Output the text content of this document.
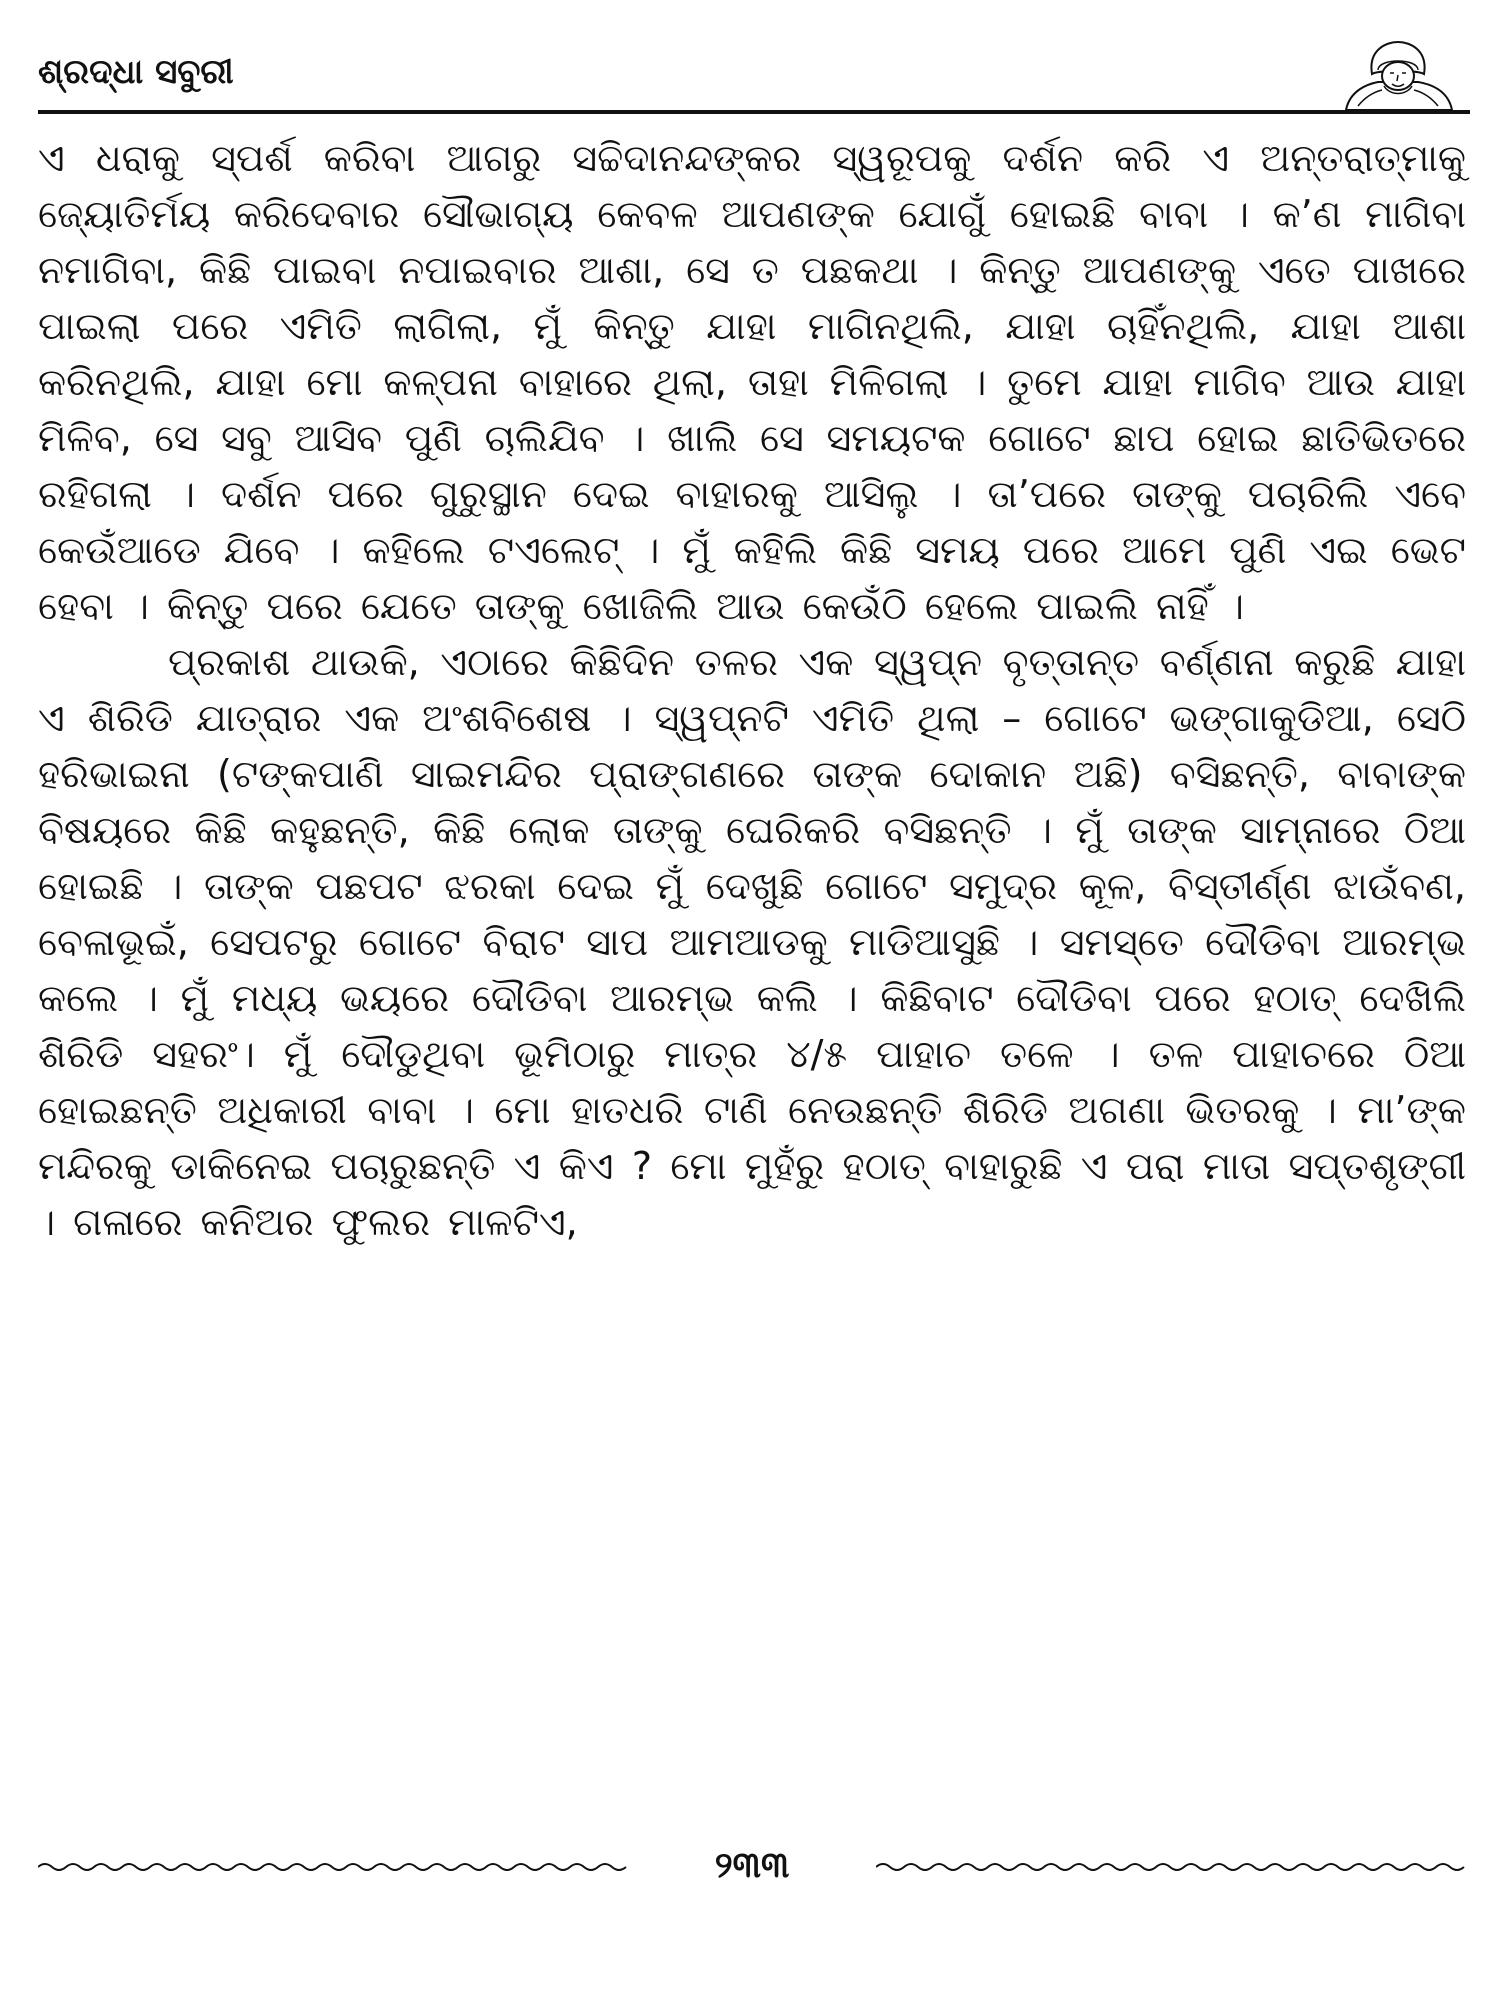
ଶ୍ରଦ୍ଧା ସବୁରୀ

ଏ ଧରାକୁ ସ୍ପର୍ଶ କରିବା ଆଗରୁ ସଚ୍ଚିଦାନନ୍ଦଙ୍କର ସ୍ୱରୂପକୁ ଦର୍ଶନ କରି ଏ ଅନ୍ତରାତ୍ମାକୁ ଜ୍ୟୋତିର୍ମୟ କରିଦେବାର ସୌଭାଗ୍ୟ କେବଳ ଆପଣଙ୍କ ଯୋଗୁଁ ହୋଇଛି ବାବା । କ’ଣ ମାଗିବା ନମାଗିବା, କିଛି ପାଇବା ନପାଇବାର ଆଶା, ସେ ତ ପଛକଥା । କିନ୍ତୁ ଆପଣଙ୍କୁ ଏତେ ପାଖରେ ପାଇଲା ପରେ ଏମିତି ଲାଗିଲା, ମୁଁ କିନ୍ତୁ ଯାହା ମାଗିନଥିଲି, ଯାହା ଚାହିଁନଥିଲି, ଯାହା ଆଶା କରିନଥିଲି, ଯାହା ମୋ କଳ୍ପନା ବାହାରେ ଥିଲା, ତାହା ମିଳିଗଲା । ତୁମେ ଯାହା ମାଗିବ ଆଉ ଯାହା ମିଳିବ, ସେ ସବୁ ଆସିବ ପୁଣି ଚାଲିଯିବ । ଖାଲି ସେ ସମୟଟକ ଗୋଟେ ଛାପ ହୋଇ ଛାତିଭିତରେ ରହିଗଲା । ଦର୍ଶନ ପରେ ଗୁରୁସ୍ଥାନ ଦେଇ ବାହାରକୁ ଆସିଲୁ । ତା’ପରେ ତାଙ୍କୁ ପଚାରିଲି ଏବେ କେଉଁଆଡେ ଯିବେ । କହିଲେ ଟଏଲେଟ୍ । ମୁଁ କହିଲି କିଛି ସମୟ ପରେ ଆମେ ପୁଣି ଏଇ ଭେଟ ହେବା । କିନ୍ତୁ ପରେ ଯେତେ ତାଙ୍କୁ ଖୋଜିଲି ଆଉ କେଉଁଠି ହେଲେ ପାଇଲି ନାହିଁ ।

ପ୍ରକାଶ ଥାଉକି, ଏଠାରେ କିଛିଦିନ ତଳର ଏକ ସ୍ୱପ୍ନ ବୃତ୍ତାନ୍ତ ବର୍ଣ୍ଣନା କରୁଛି ଯାହା ଏ ଶିରିଡି ଯାତ୍ରାର ଏକ ଅଂଶବିଶେଷ । ସ୍ୱପ୍ନଟି ଏମିତି ଥିଲା – ଗୋଟେ ଭଙ୍ଗାକୁଡିଆ, ସେଠି ହରିଭାଇନା (ଟଙ୍କପାଣି ସାଇମନ୍ଦିର ପ୍ରାଙ୍ଗଣରେ ତାଙ୍କ ଦୋକାନ ଅଛି) ବସିଛନ୍ତି, ବାବାଙ୍କ ବିଷୟରେ କିଛି କହୁଛନ୍ତି, କିଛି ଲୋକ ତାଙ୍କୁ ଘେରିକରି ବସିଛନ୍ତି । ମୁଁ ତାଙ୍କ ସାମ୍ନାରେ ଠିଆ ହୋଇଛି । ତାଙ୍କ ପଛପଟ ଝରକା ଦେଇ ମୁଁ ଦେଖୁଛି ଗୋଟେ ସମୁଦ୍ର କୂଳ, ବିସ୍ତୀର୍ଣ୍ଣ ଝାଉଁବଣ, ବେଳାଭୂଇଁ, ସେପଟରୁ ଗୋଟେ ବିରାଟ ସାପ ଆମଆଡକୁ ମାଡିଆସୁଛି । ସମସ୍ତେ ଦୌଡିବା ଆରମ୍ଭ କଲେ । ମୁଁ ମଧ୍ୟ ଭୟରେ ଦୌଡିବା ଆରମ୍ଭ କଲି । କିଛିବାଟ ଦୌଡିବା ପରେ ହଠାତ୍ ଦେଖିଲି ଶିରିଡି ସହରଂ। ମୁଁ ଦୌଡୁଥିବା ଭୂମିଠାରୁ ମାତ୍ର ୪/୫ ପାହାଚ ତଳେ । ତଳ ପାହାଚରେ ଠିଆ ହୋଇଛନ୍ତି ଅଧିକାରୀ ବାବା । ମୋ ହାତଧରି ଟାଣି ନେଉଛନ୍ତି ଶିରିଡି ଅଗଣା ଭିତରକୁ । ମା’ଙ୍କ ମନ୍ଦିରକୁ ଡାକିନେଇ ପଚାରୁଛନ୍ତି ଏ କିଏ ? ମୋ ମୁହଁରୁ ହଠାତ୍ ବାହାରୁଛି ଏ ପରା ମାତା ସପ୍ତଶୃଙ୍ଗୀ । ଗଳାରେ କନିଅର ଫୁଲର ମାଳଟିଏ,

୨୩୩
